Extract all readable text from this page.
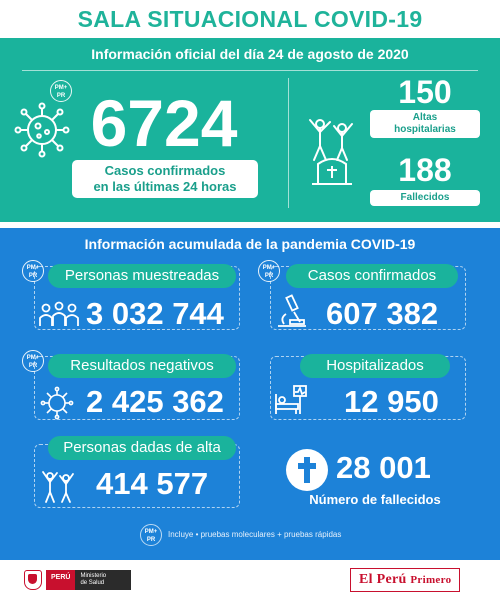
SALA SITUACIONAL COVID-19
Información oficial del día 24 de agosto de 2020
PM+
PR 6724
Casos confirmados
en las últimas 24 horas
150
Altas
hospitalarias
188
Fallecidos
Información acumulada de la pandemia COVID-19
PM+
PR	Personas muestreadas
3 032 744
PM+
PR	Casos confirmados
607 382
PM+
PR	Resultados negativos
2 425 362
Hospitalizados
12 950
Personas dadas de alta
414 577	28 001
Número de fallecidos
PM+
PR
Incluye • pruebas moleculares + pruebas rápidas
PERÚ	Ministerio
de Salud	El Perú Primero
